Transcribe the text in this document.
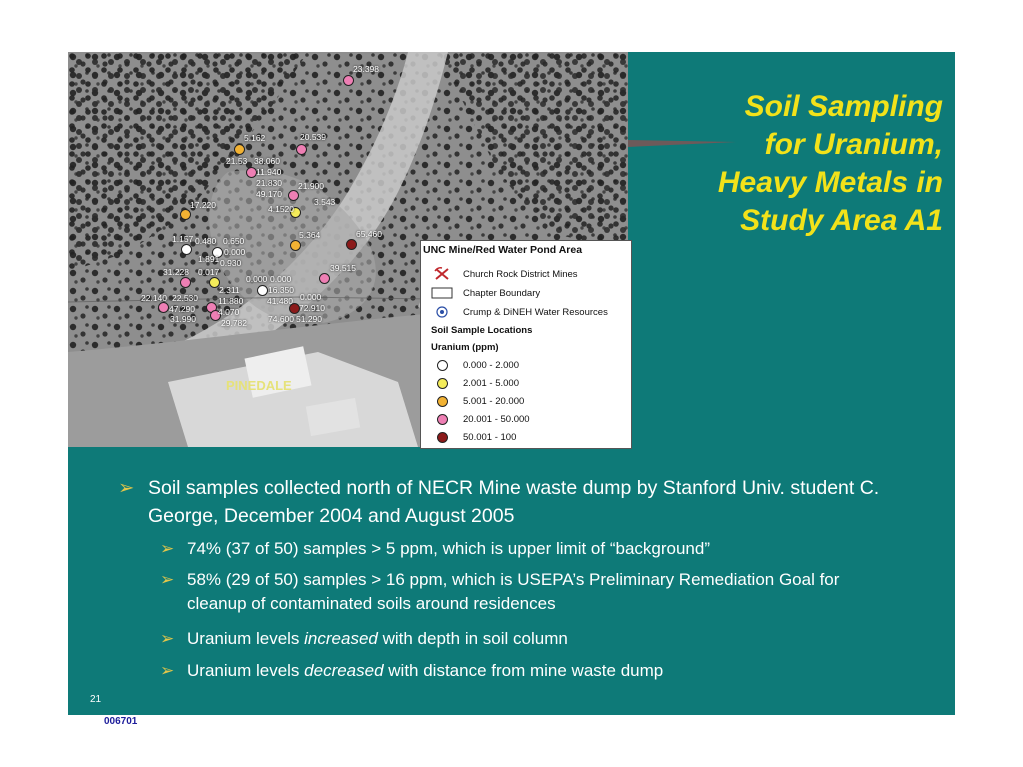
23.398
5.162	20.539
21.53 38.060
11.940
21.830
49.170
21.900
3.543
17.220	4.1520
5.364	65.460
1.157 0.480 0.650
0.000
1.891 0.930	39.515
31.228 0.017
0.000 0.000
2.311	16.350
22.140 22.530 11.880	41.480 0.000
47.290	4.070	72.910
31.990	29.782 74.600 51.290
PINEDALE
UNC Mine/Red Water Pond Area
Church Rock District Mines
Chapter Boundary
Crump & DiNEH Water Resources
Soil Sample Locations
Uranium (ppm)
0.000 - 2.000
2.001 - 5.000
5.001 - 20.000
20.001 - 50.000
50.001 - 100
Soil Sampling
for Uranium,
Heavy Metals in
Study Area A1
➢ Soil samples collected north of NECR Mine waste dump by Stanford Univ. student C. George, December 2004 and August 2005
➢ 74% (37 of 50) samples > 5 ppm, which is upper limit of “background”
➢ 58% (29 of 50) samples > 16 ppm, which is USEPA’s Preliminary Remediation Goal for cleanup of contaminated soils around residences
➢ Uranium levels increased with depth in soil column
➢ Uranium levels decreased with distance from mine waste dump
21
006701
